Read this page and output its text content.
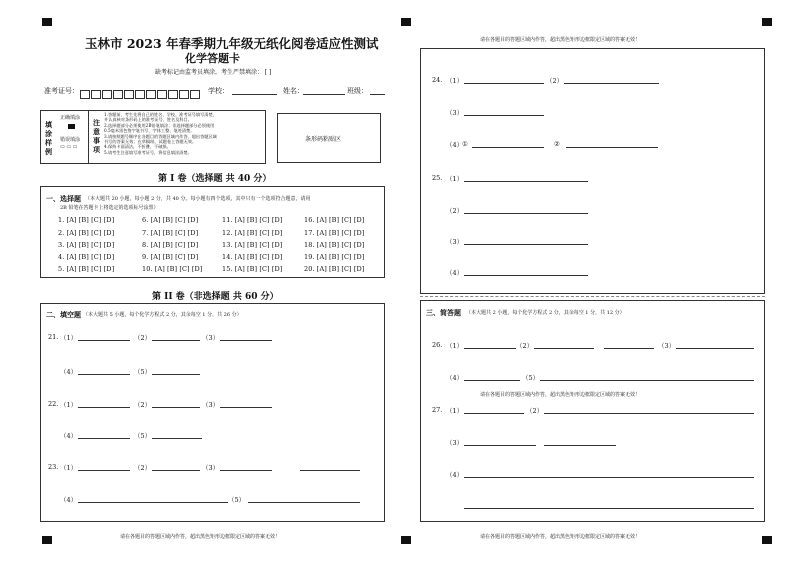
玉林市 2023 年春季期九年级无纸化阅卷适应性测试
化学答题卡
缺考标记由监考员填涂，考生严禁填涂： [ ]
准考证号：	学校：	姓名：	班级：
填涂样例
正确填涂
错误填涂
▭ ▭ ▭
注意事项
1.答题前，考生先将自己的姓名、学校、准考证号填写清楚，
并认真核对条形码上的准考证号、姓名及科目。
2.选择题部分必须使用2B铅笔填涂；非选择题部分必须使用
0.5毫米黑色签字笔书写，字体工整、笔迹清楚。
3.请按照题号顺序在各题目的答题区域内作答，超出答题区域
书写的答案无效；在草稿纸、试题卷上答题无效。
4.保持卡面清洁，不折叠、不破损。
5.请考生注意填写准考证号，将信息填涂清楚。
条形码粘贴区
第 I 卷（选择题 共 40 分）
一、选择题 （本大题共 20 小题，每小题 2 分，共 40 分。每小题有四个选项，其中只有一个选项符合题意，请用
2B 铅笔在答题卡上将选定的选项标号涂黑）
1. [A] [B] [C] [D]
2. [A] [B] [C] [D]
3. [A] [B] [C] [D]
4. [A] [B] [C] [D]
5. [A] [B] [C] [D]
6. [A] [B] [C] [D]
7. [A] [B] [C] [D]
8. [A] [B] [C] [D]
9. [A] [B] [C] [D]
10. [A] [B] [C] [D]
11. [A] [B] [C] [D]
12. [A] [B] [C] [D]
13. [A] [B] [C] [D]
14. [A] [B] [C] [D]
15. [A] [B] [C] [D]
16. [A] [B] [C] [D]
17. [A] [B] [C] [D]
18. [A] [B] [C] [D]
19. [A] [B] [C] [D]
20. [A] [B] [C] [D]
第 II 卷（非选择题 共 60 分）
二、填空题 （本大题共 5 小题，每个化学方程式 2 分，其余每空 1 分，共 26 分）
21. （1）	（2）	（3）
（4）	（5）
22. （1）	（2）	（3）
（4）	（5）
23. （1）	（2）	（3）
（4）	（5）
请在各题目的答题区域内作答，超出黑色矩形边框限定区域的答案无效！
请在各题目的答题区域内作答，超出黑色矩形边框限定区域的答案无效！
24. （1）	（2）
（3）
（4）
①	②
25. （1）
（2）
（3）
（4）
三、简答题 （本大题共 2 小题，每个化学方程式 2 分，其余每空 1 分，共 12 分）
26. （1）	（2）	（3）
（4）	（5）
请在各题目的答题区域内作答，超出黑色矩形边框限定区域的答案无效！
27. （1）	（2）
（3）
（4）
请在各题目的答题区域内作答，超出黑色矩形边框限定区域的答案无效！
